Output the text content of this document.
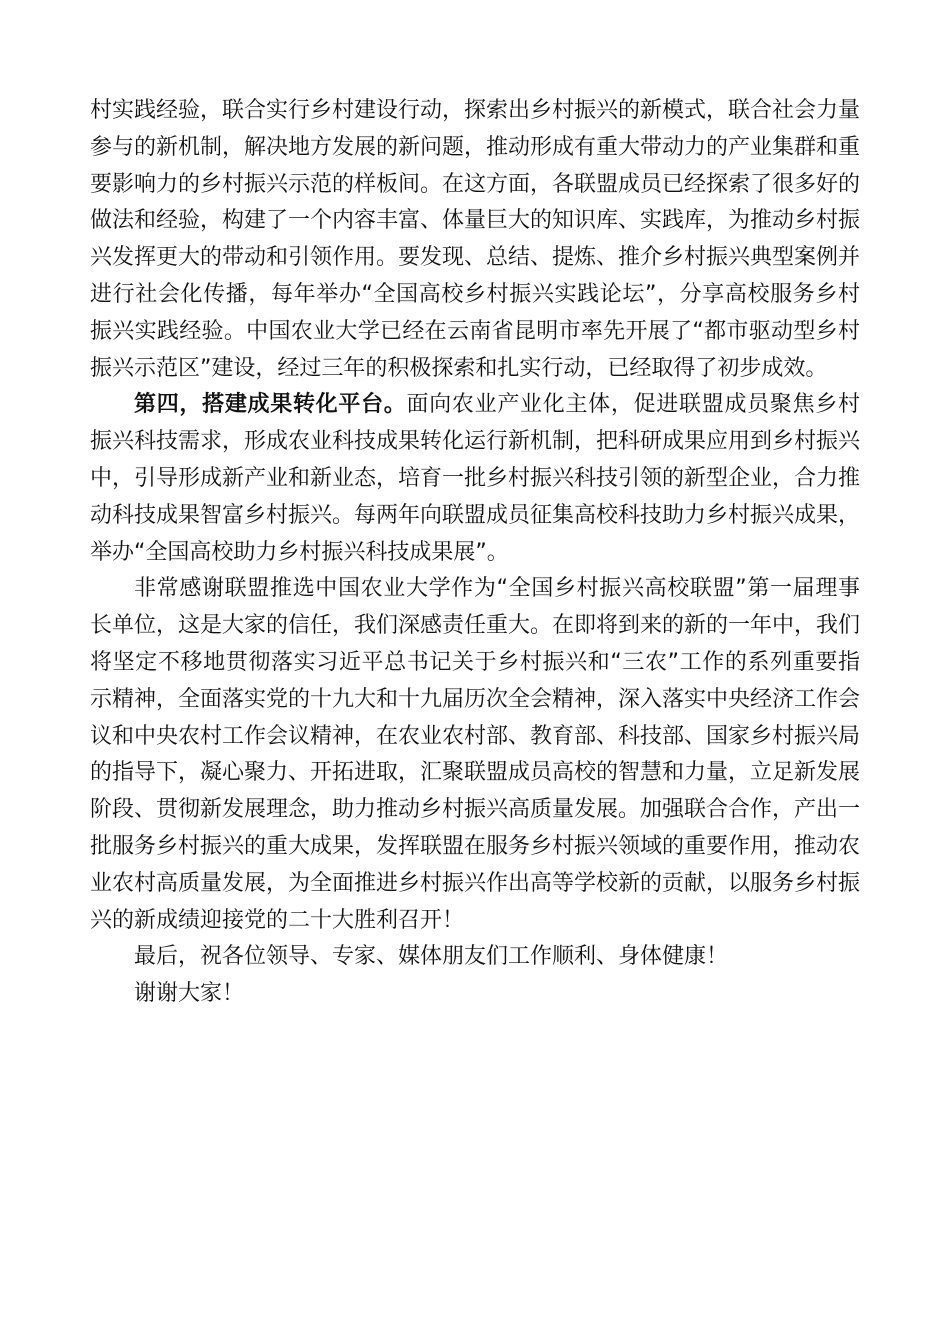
村实践经验，联合实行乡村建设行动，探索出乡村振兴的新模式，联合社会力量参与的新机制，解决地方发展的新问题，推动形成有重大带动力的产业集群和重要影响力的乡村振兴示范的样板间。在这方面，各联盟成员已经探索了很多好的做法和经验，构建了一个内容丰富、体量巨大的知识库、实践库，为推动乡村振兴发挥更大的带动和引领作用。要发现、总结、提炼、推介乡村振兴典型案例并进行社会化传播，每年举办“全国高校乡村振兴实践论坛”，分享高校服务乡村振兴实践经验。中国农业大学已经在云南省昆明市率先开展了“都市驱动型乡村振兴示范区”建设，经过三年的积极探索和扎实行动，已经取得了初步成效。

第四，搭建成果转化平台。面向农业产业化主体，促进联盟成员聚焦乡村振兴科技需求，形成农业科技成果转化运行新机制，把科研成果应用到乡村振兴中，引导形成新产业和新业态，培育一批乡村振兴科技引领的新型企业，合力推动科技成果智富乡村振兴。每两年向联盟成员征集高校科技助力乡村振兴成果，举办“全国高校助力乡村振兴科技成果展”。

非常感谢联盟推选中国农业大学作为“全国乡村振兴高校联盟”第一届理事长单位，这是大家的信任，我们深感责任重大。在即将到来的新的一年中，我们将坚定不移地贯彻落实习近平总书记关于乡村振兴和“三农”工作的系列重要指示精神，全面落实党的十九大和十九届历次全会精神，深入落实中央经济工作会议和中央农村工作会议精神，在农业农村部、教育部、科技部、国家乡村振兴局的指导下，凝心聚力、开拓进取，汇聚联盟成员高校的智慧和力量，立足新发展阶段、贯彻新发展理念，助力推动乡村振兴高质量发展。加强联合合作，产出一批服务乡村振兴的重大成果，发挥联盟在服务乡村振兴领域的重要作用，推动农业农村高质量发展，为全面推进乡村振兴作出高等学校新的贡献，以服务乡村振兴的新成绩迎接党的二十大胜利召开！

最后，祝各位领导、专家、媒体朋友们工作顺利、身体健康！

谢谢大家！
